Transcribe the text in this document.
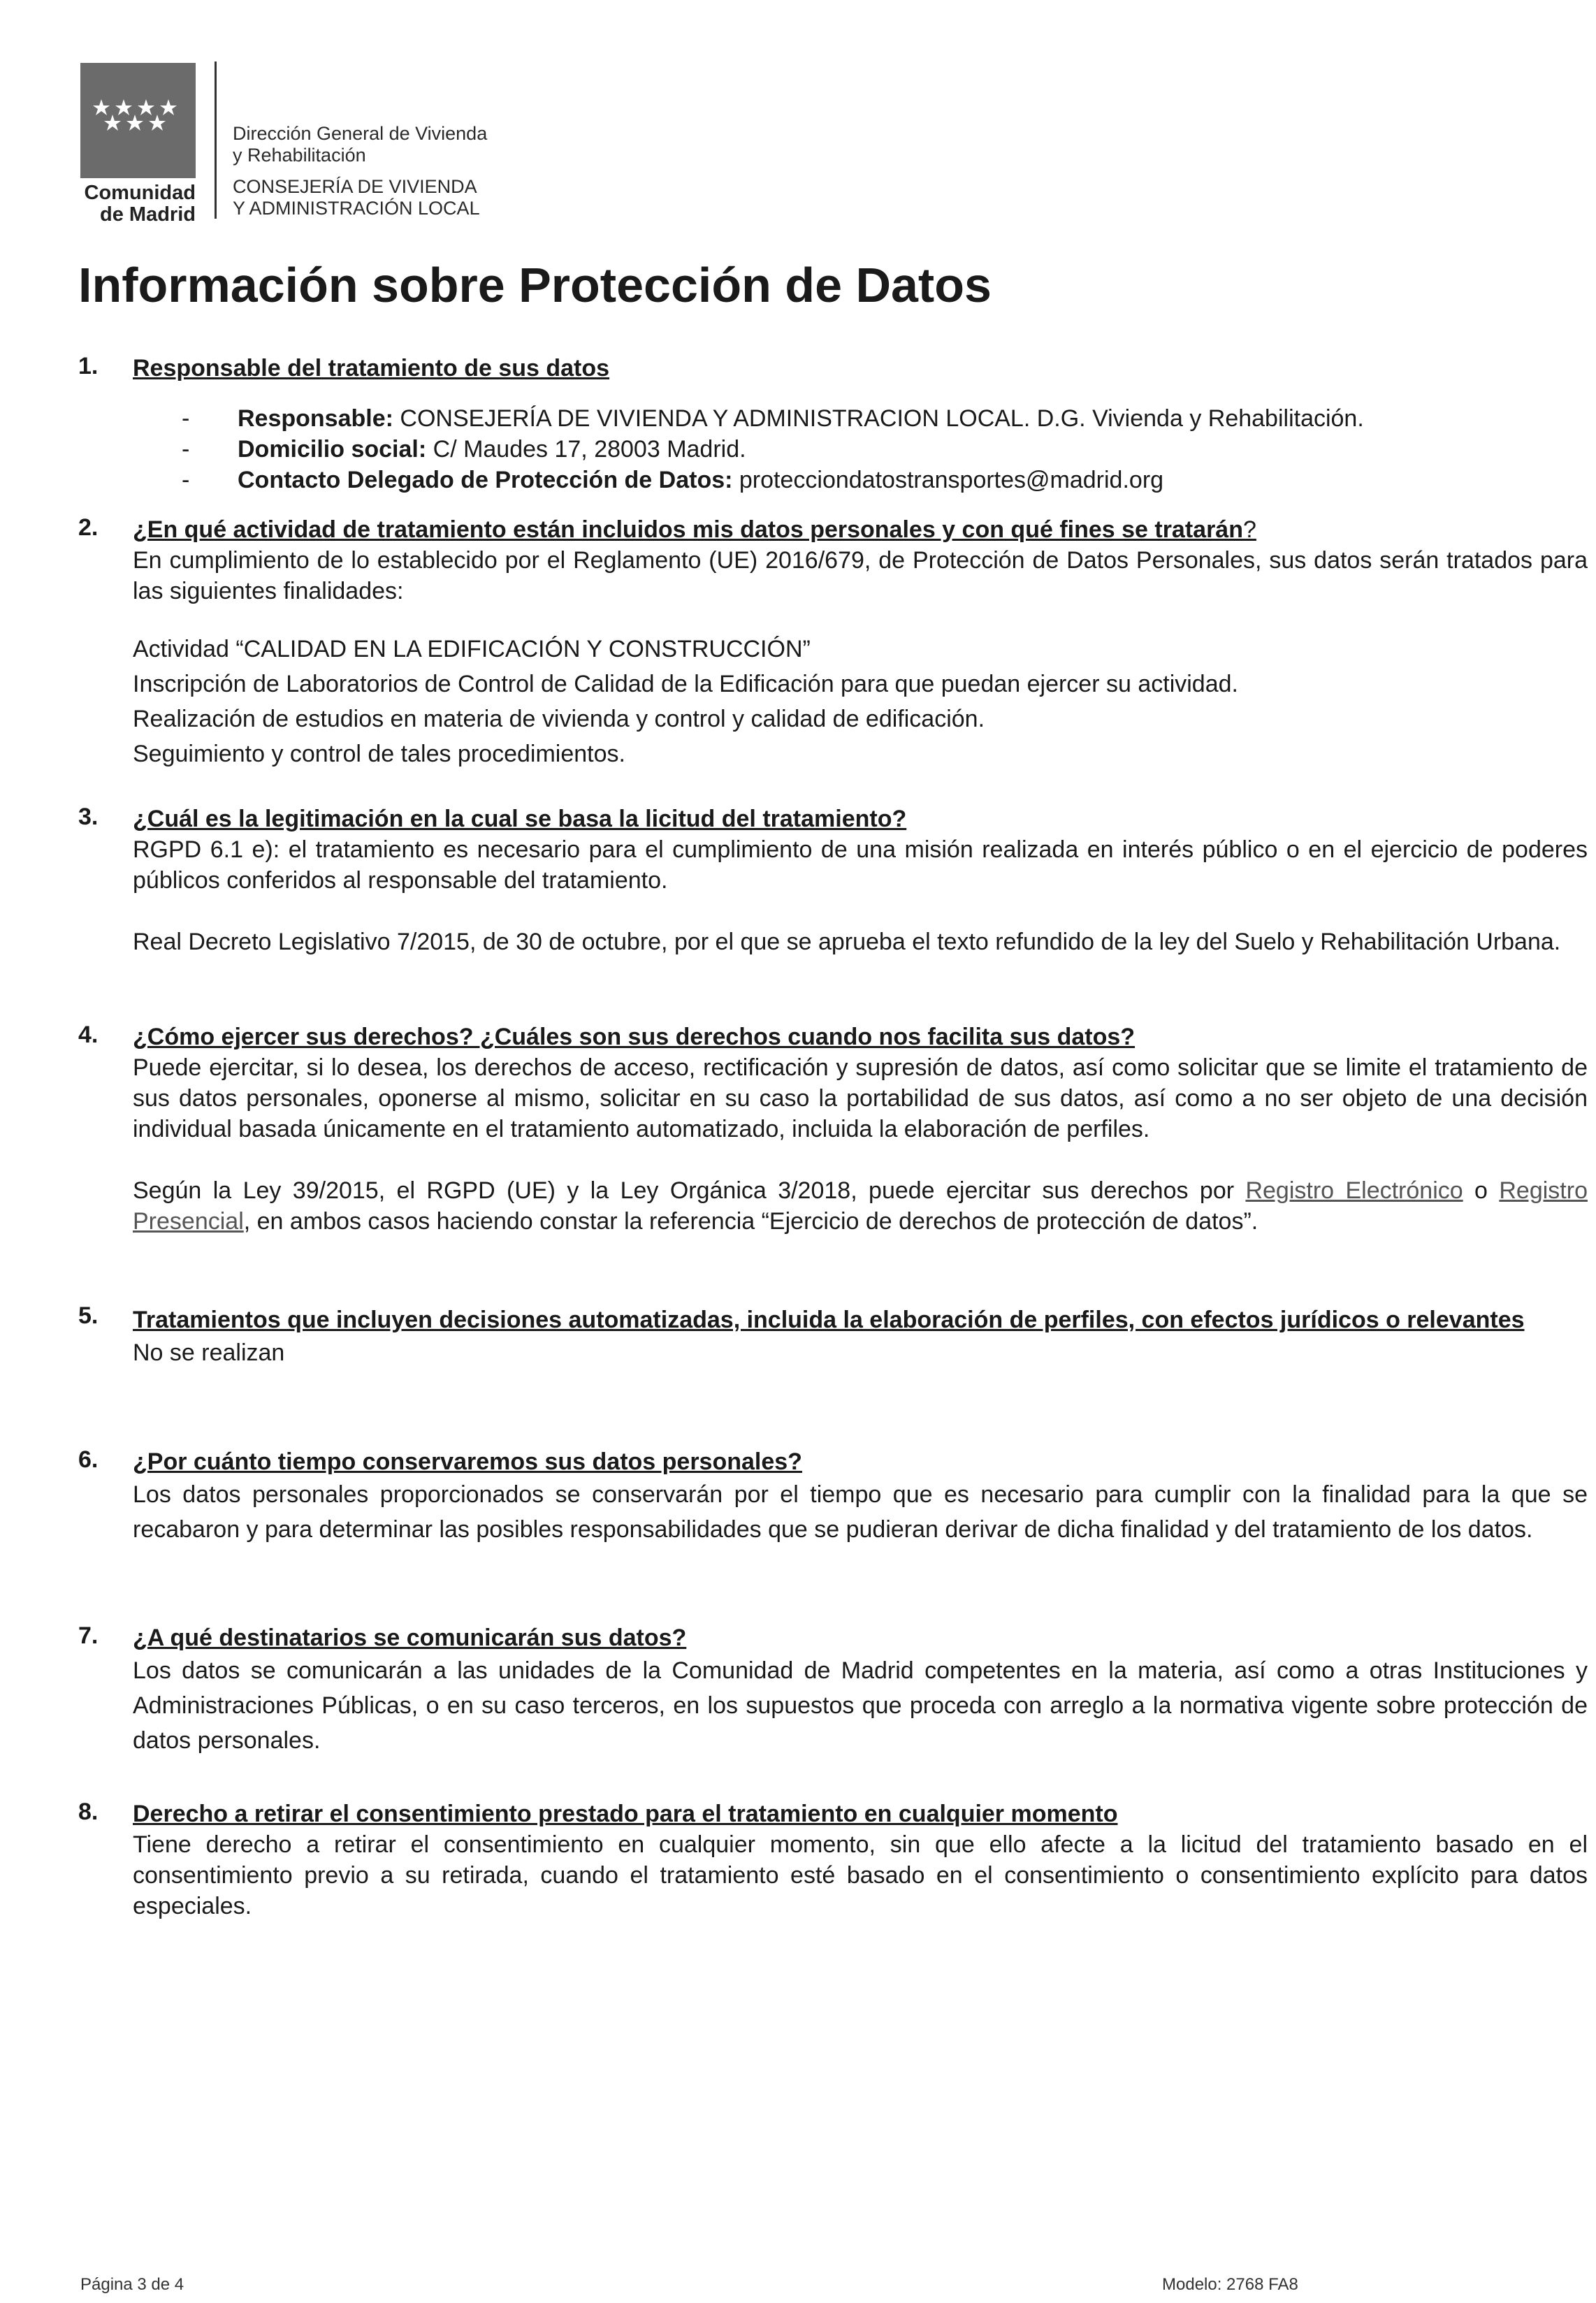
Comunidad
de Madrid
Dirección General de Vivienda
y Rehabilitación
CONSEJERÍA DE VIVIENDA
Y ADMINISTRACIÓN LOCAL
Información sobre Protección de Datos
1. Responsable del tratamiento de sus datos
- Responsable: CONSEJERÍA DE VIVIENDA Y ADMINISTRACION LOCAL. D.G. Vivienda y Rehabilitación.
- Domicilio social: C/ Maudes 17, 28003 Madrid.
- Contacto Delegado de Protección de Datos: protecciondatostransportes@madrid.org
2. ¿En qué actividad de tratamiento están incluidos mis datos personales y con qué fines se tratarán?

En cumplimiento de lo establecido por el Reglamento (UE) 2016/679, de Protección de Datos Personales, sus datos serán tratados para las siguientes finalidades:

Actividad “CALIDAD EN LA EDIFICACIÓN Y CONSTRUCCIÓN”
Inscripción de Laboratorios de Control de Calidad de la Edificación para que puedan ejercer su actividad.
Realización de estudios en materia de vivienda y control y calidad de edificación.
Seguimiento y control de tales procedimientos.
3. ¿Cuál es la legitimación en la cual se basa la licitud del tratamiento?

RGPD 6.1 e): el tratamiento es necesario para el cumplimiento de una misión realizada en interés público o en el ejercicio de poderes públicos conferidos al responsable del tratamiento.

Real Decreto Legislativo 7/2015, de 30 de octubre, por el que se aprueba el texto refundido de la ley del Suelo y Rehabilitación Urbana.

4. ¿Cómo ejercer sus derechos? ¿Cuáles son sus derechos cuando nos facilita sus datos?

Puede ejercitar, si lo desea, los derechos de acceso, rectificación y supresión de datos, así como solicitar que se limite el tratamiento de sus datos personales, oponerse al mismo, solicitar en su caso la portabilidad de sus datos, así como a no ser objeto de una decisión individual basada únicamente en el tratamiento automatizado, incluida la elaboración de perfiles.

Según la Ley 39/2015, el RGPD (UE) y la Ley Orgánica 3/2018, puede ejercitar sus derechos por Registro Electrónico o Registro Presencial, en ambos casos haciendo constar la referencia “Ejercicio de derechos de protección de datos”.

5. Tratamientos que incluyen decisiones automatizadas, incluida la elaboración de perfiles, con efectos jurídicos o relevantes

No se realizan

6. ¿Por cuánto tiempo conservaremos sus datos personales?

Los datos personales proporcionados se conservarán por el tiempo que es necesario para cumplir con la finalidad para la que se recabaron y para determinar las posibles responsabilidades que se pudieran derivar de dicha finalidad y del tratamiento de los datos.

7. ¿A qué destinatarios se comunicarán sus datos?

Los datos se comunicarán a las unidades de la Comunidad de Madrid competentes en la materia, así como a otras Instituciones y Administraciones Públicas, o en su caso terceros, en los supuestos que proceda con arreglo a la normativa vigente sobre protección de datos personales.

8. Derecho a retirar el consentimiento prestado para el tratamiento en cualquier momento

Tiene derecho a retirar el consentimiento en cualquier momento, sin que ello afecte a la licitud del tratamiento basado en el consentimiento previo a su retirada, cuando el tratamiento esté basado en el consentimiento o consentimiento explícito para datos especiales.

Página 3 de 4	Modelo: 2768 FA8
